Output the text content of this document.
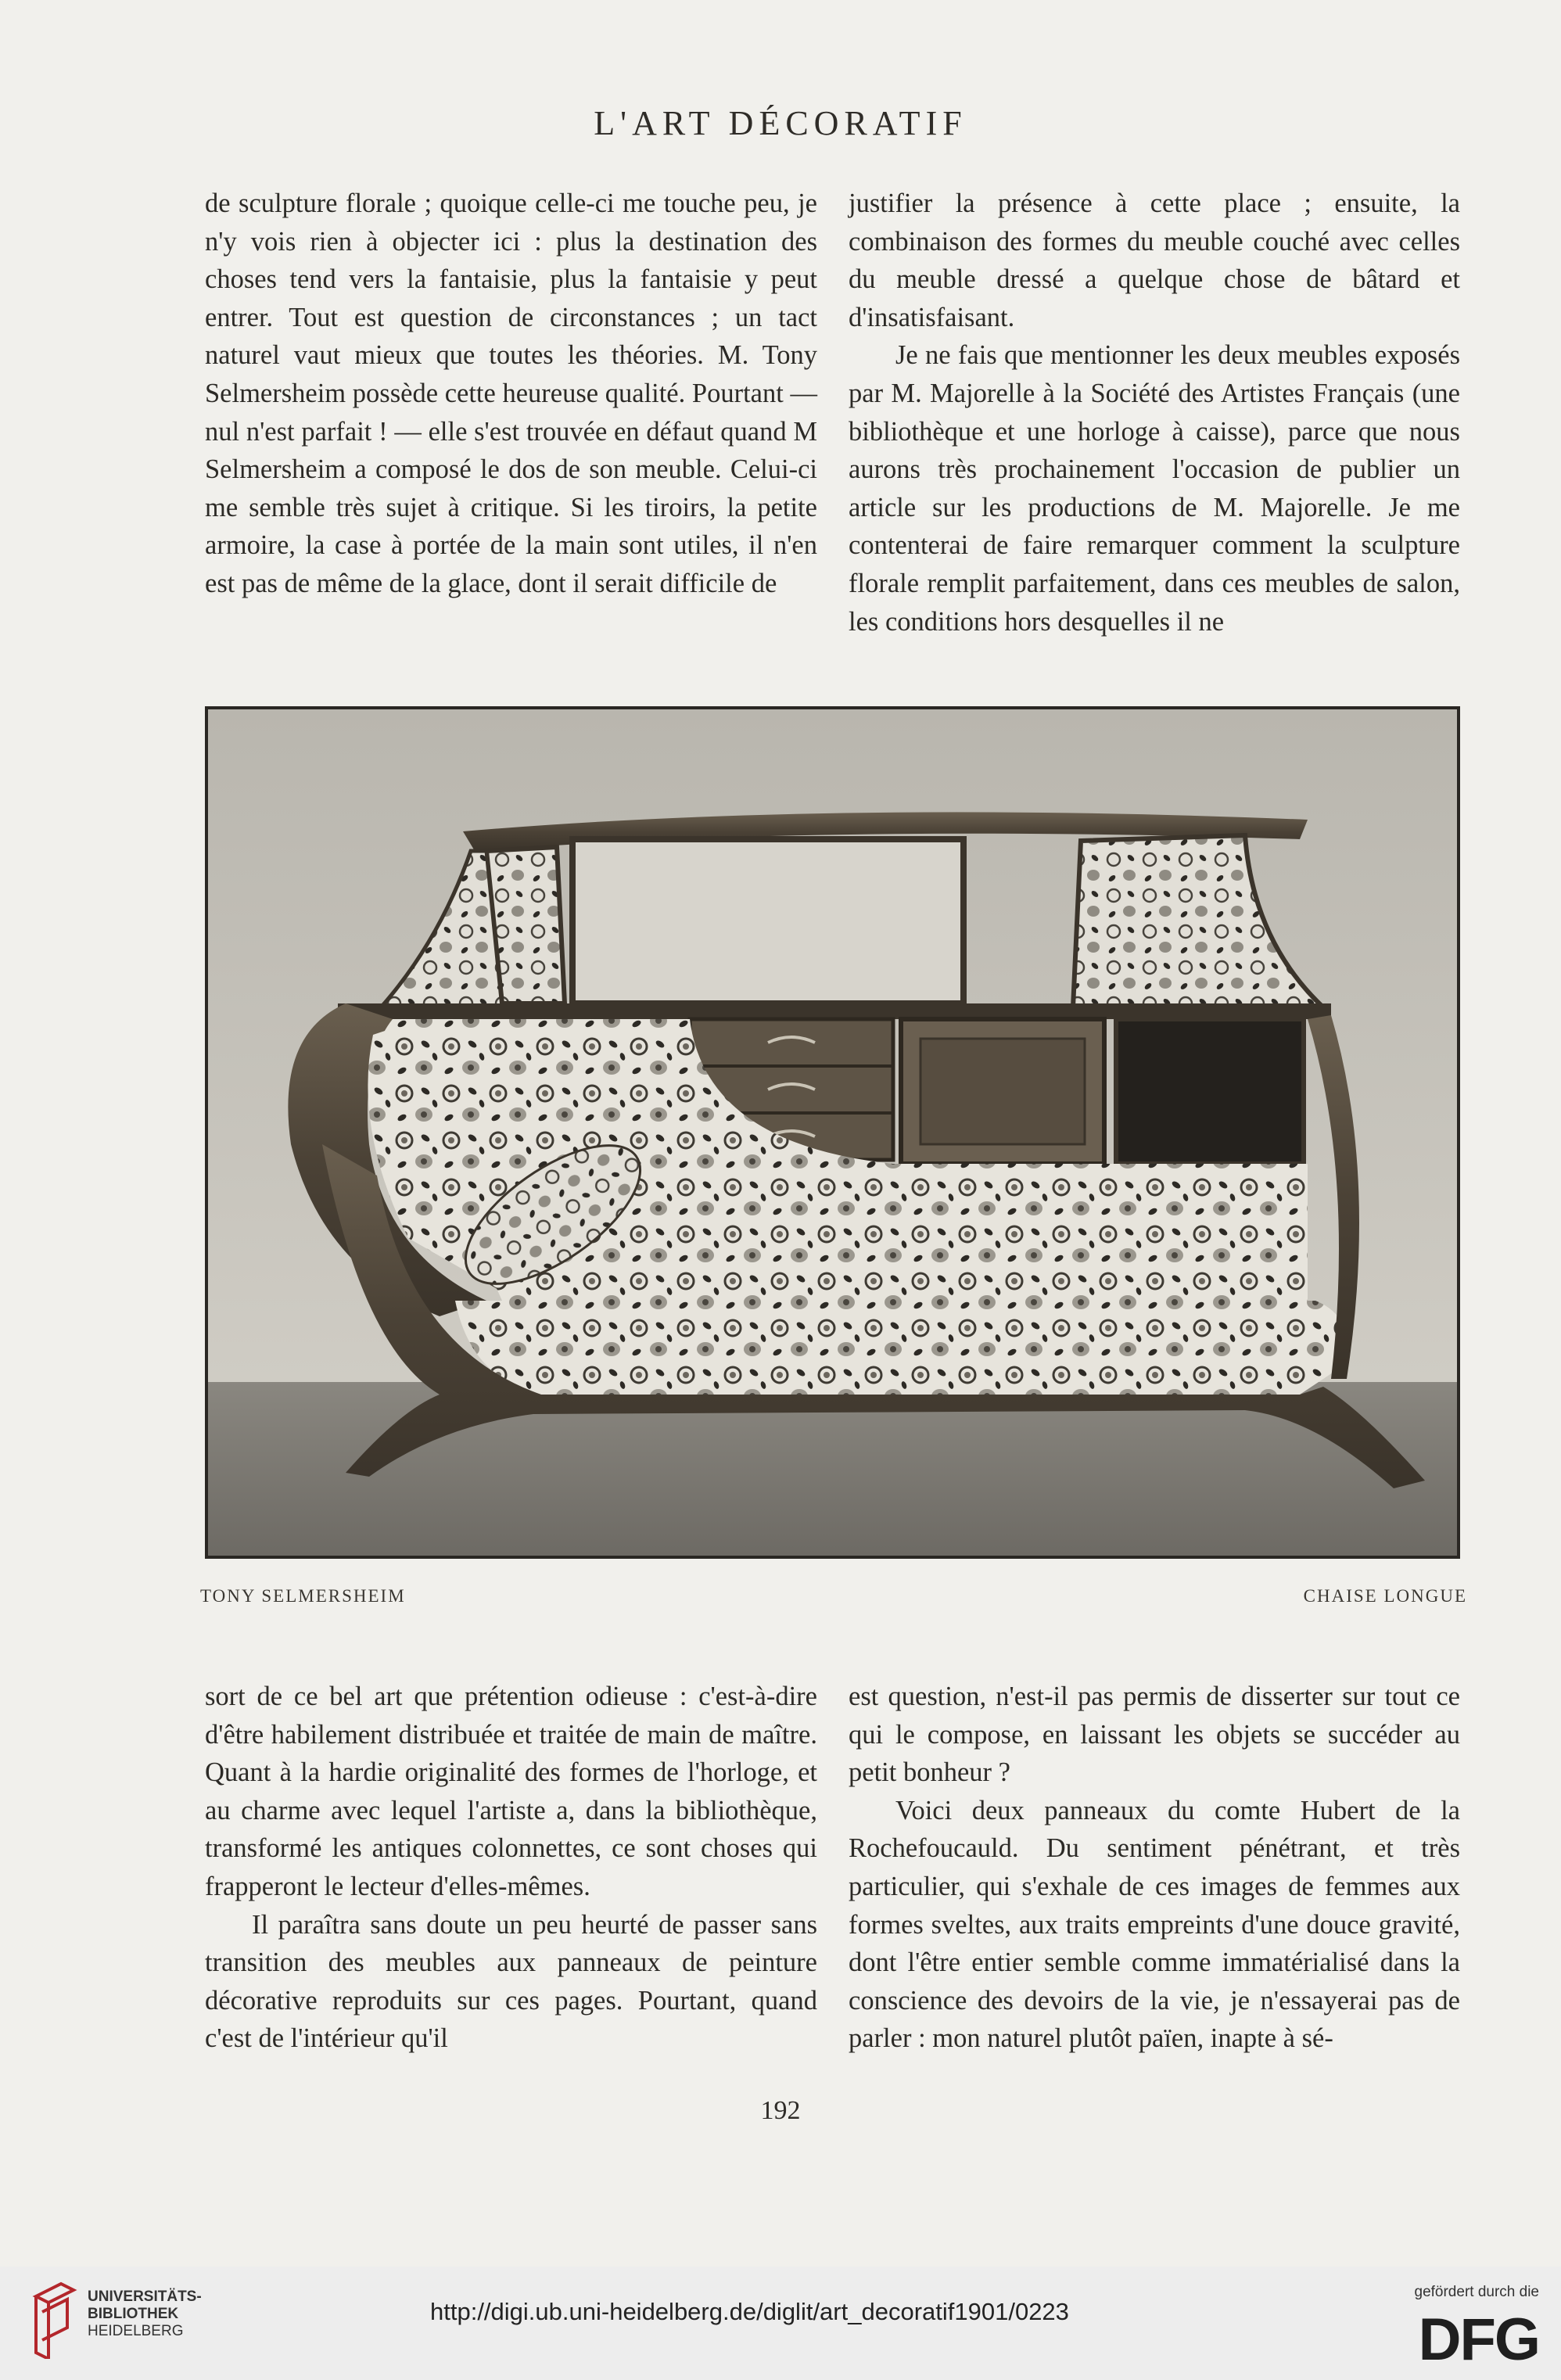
L'ART DÉCORATIF

de sculpture florale ; quoique celle-ci me touche peu, je n'y vois rien à objecter ici : plus la destination des choses tend vers la fantaisie, plus la fantaisie y peut entrer. Tout est question de circonstances ; un tact naturel vaut mieux que toutes les théories. M. Tony Selmersheim possède cette heureuse qualité. Pourtant — nul n'est parfait ! — elle s'est trouvée en défaut quand M Selmersheim a composé le dos de son meuble. Celui-ci me semble très sujet à critique. Si les tiroirs, la petite armoire, la case à portée de la main sont utiles, il n'en est pas de même de la glace, dont il serait difficile de

justifier la présence à cette place ; ensuite, la combinaison des formes du meuble couché avec celles du meuble dressé a quelque chose de bâtard et d'insatisfaisant.

Je ne fais que mentionner les deux meubles exposés par M. Majorelle à la Société des Artistes Français (une bibliothèque et une horloge à caisse), parce que nous aurons très prochainement l'occasion de publier un article sur les productions de M. Majorelle. Je me contenterai de faire remarquer comment la sculpture florale remplit parfaitement, dans ces meubles de salon, les conditions hors desquelles il ne

TONY SELMERSHEIM	CHAISE LONGUE

sort de ce bel art que prétention odieuse : c'est-à-dire d'être habilement distribuée et traitée de main de maître. Quant à la hardie originalité des formes de l'horloge, et au charme avec lequel l'artiste a, dans la bibliothèque, transformé les antiques colonnettes, ce sont choses qui frapperont le lecteur d'elles-mêmes.

Il paraîtra sans doute un peu heurté de passer sans transition des meubles aux panneaux de peinture décorative reproduits sur ces pages. Pourtant, quand c'est de l'intérieur qu'il

est question, n'est-il pas permis de disserter sur tout ce qui le compose, en laissant les objets se succéder au petit bonheur ?

Voici deux panneaux du comte Hubert de la Rochefoucauld. Du sentiment pénétrant, et très particulier, qui s'exhale de ces images de femmes aux formes sveltes, aux traits empreints d'une douce gravité, dont l'être entier semble comme immatérialisé dans la conscience des devoirs de la vie, je n'essayerai pas de parler : mon naturel plutôt païen, inapte à sé-

192
UNIVERSITÄTS-
BIBLIOTHEK
HEIDELBERG
http://digi.ub.uni-heidelberg.de/diglit/art_decoratif1901/0223
gefördert durch die
DFG
